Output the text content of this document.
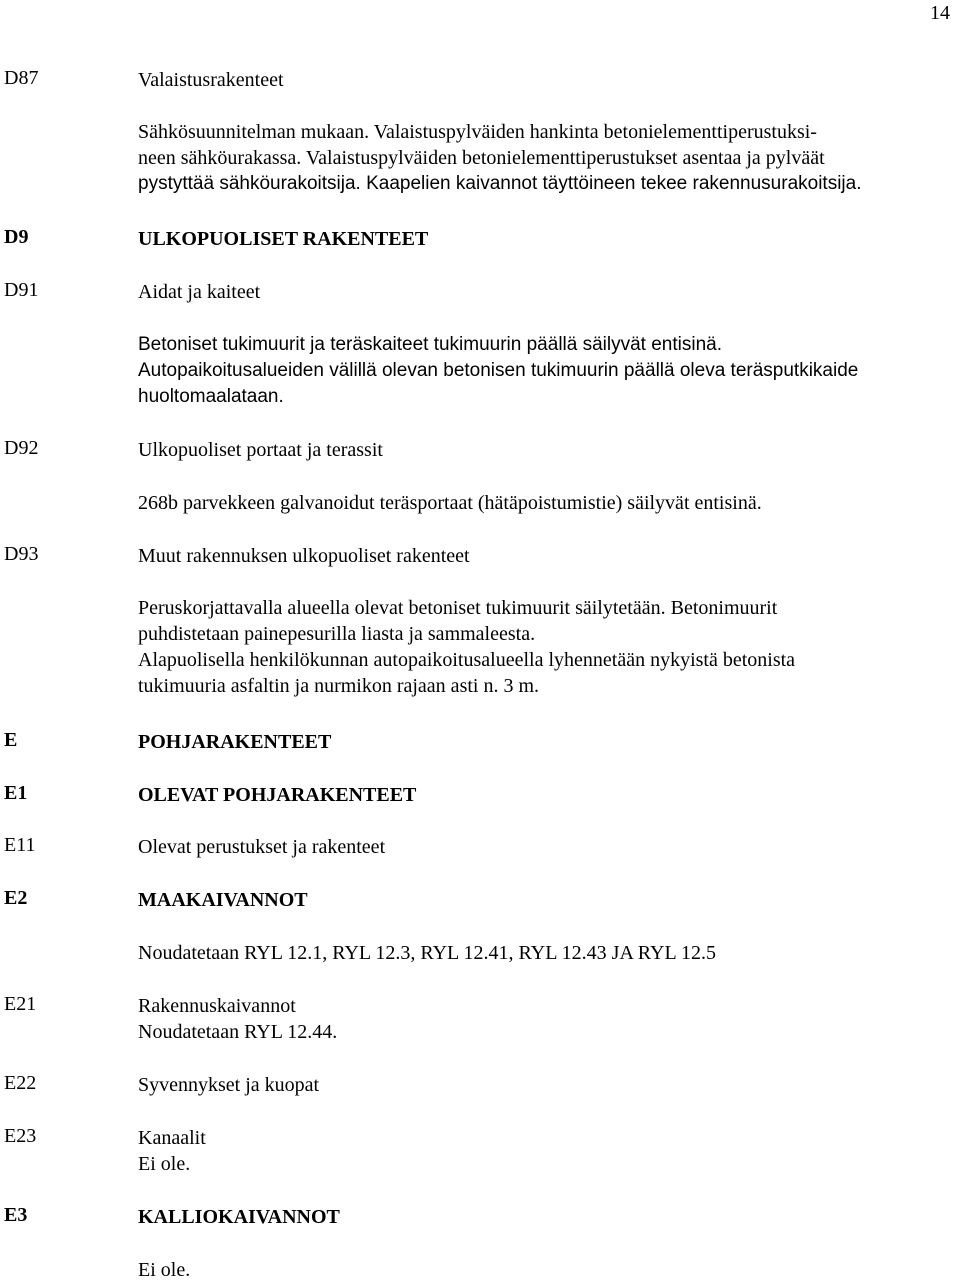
14
D87	Valaistusrakenteet
Sähkösuunnitelman mukaan. Valaistuspylväiden hankinta betonielementtiperustuksi-
neen sähköurakassa. Valaistuspylväiden betonielementtiperustukset asentaa ja pylväät
pystyttää sähköurakoitsija. Kaapelien kaivannot täyttöineen tekee rakennusurakoitsija.
D9	ULKOPUOLISET RAKENTEET
D91	Aidat ja kaiteet
Betoniset tukimuurit ja teräskaiteet tukimuurin päällä säilyvät entisinä.
Autopaikoitusalueiden välillä olevan betonisen tukimuurin päällä oleva teräsputkikaide
huoltomaalataan.
D92	Ulkopuoliset portaat ja terassit
268b parvekkeen galvanoidut teräsportaat (hätäpoistumistie) säilyvät entisinä.
D93	Muut rakennuksen ulkopuoliset rakenteet
Peruskorjattavalla alueella olevat betoniset tukimuurit säilytetään. Betonimuurit
puhdistetaan painepesurilla liasta ja sammaleesta.
Alapuolisella henkilökunnan autopaikoitusalueella lyhennetään nykyistä betonista
tukimuuria asfaltin ja nurmikon rajaan asti n. 3 m.
E	POHJARAKENTEET
E1	OLEVAT POHJARAKENTEET
E11	Olevat perustukset ja rakenteet
E2	MAAKAIVANNOT
Noudatetaan RYL 12.1, RYL 12.3, RYL 12.41, RYL 12.43 JA RYL 12.5
E21	Rakennuskaivannot
Noudatetaan RYL 12.44.
E22	Syvennykset ja kuopat
E23	Kanaalit
Ei ole.
E3	KALLIOKAIVANNOT
Ei ole.
